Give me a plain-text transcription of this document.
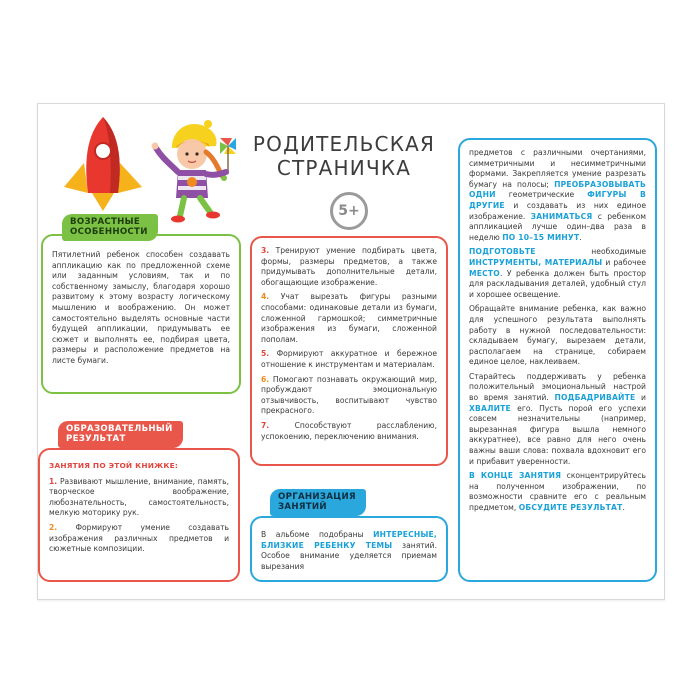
РОДИТЕЛЬСКАЯ
СТРАНИЧКА
5+
ВОЗРАСТНЫЕ
ОСОБЕННОСТИ
Пятилетний ребенок способен создавать аппликацию как по предложенной схеме или заданным условиям, так и по собственному замыслу, благодаря хорошо развитому к этому возрасту логическому мышлению и воображению. Он может самостоятельно выделять основные части будущей аппликации, придумывать ее сюжет и выполнять ее, подбирая цвета, размеры и расположение предметов на листе бумаги.
ОБРАЗОВАТЕЛЬНЫЙ
РЕЗУЛЬТАТ

ЗАНЯТИЯ ПО ЭТОЙ КНИЖКЕ:

1. Развивают мышление, внимание, память, творческое воображение, любознательность, самостоятельность, мелкую моторику рук.

2. Формируют умение создавать изображения различных предметов и сюжетные композиции.

3. Тренируют умение подбирать цвета, формы, размеры предметов, а также придумывать дополнительные детали, обогащающие изображение.

4. Учат вырезать фигуры разными способами: одинаковые детали из бумаги, сложенной гармошкой; симметричные изображения из бумаги, сложенной пополам.

5. Формируют аккуратное и бережное отношение к инструментам и материалам.

6. Помогают познавать окружающий мир, пробуждают эмоциональную отзывчивость, воспитывают чувство прекрасного.

7.	Способствуют расслаблению, успокоению, переключению внимания.

ОРГАНИЗАЦИЯ
ЗАНЯТИЙ
В альбоме подобраны ИНТЕРЕСНЫЕ, БЛИЗКИЕ РЕБЕНКУ ТЕМЫ занятий. Особое внимание уделяется приемам вырезания

предметов с различными очертаниями, симметричными и несимметричными формами. Закрепляется умение разрезать бумагу на полосы; ПРЕОБРАЗОВЫВАТЬ ОДНИ геометрические ФИГУРЫ В ДРУГИЕ и создавать из них единое изображение. ЗАНИМАТЬСЯ с ребенком аппликацией лучше один–два раза в неделю ПО 10–15 МИНУТ.

ПОДГОТОВЬТЕ необходимые ИНСТРУМЕНТЫ, МАТЕРИАЛЫ и рабочее МЕСТО. У ребенка должен быть простор для раскладывания деталей, удобный стул и хорошее освещение.

Обращайте внимание ребенка, как важно для успешного результата выполнять работу в нужной последовательности: складываем бумагу, вырезаем детали, располагаем на странице, собираем единое целое, наклеиваем.

Старайтесь поддерживать у ребенка положительный эмоциональный настрой во время занятий. ПОДБАДРИВАЙТЕ и ХВАЛИТЕ его. Пусть порой его успехи совсем незначительны (например, вырезанная фигура вышла немного аккуратнее), все равно для него очень важны ваши слова: похвала вдохновит его и прибавит уверенности.

В КОНЦЕ ЗАНЯТИЯ сконцентрируйтесь на полученном изображении, по возможности сравните его с реальным предметом, ОБСУДИТЕ РЕЗУЛЬТАТ.
